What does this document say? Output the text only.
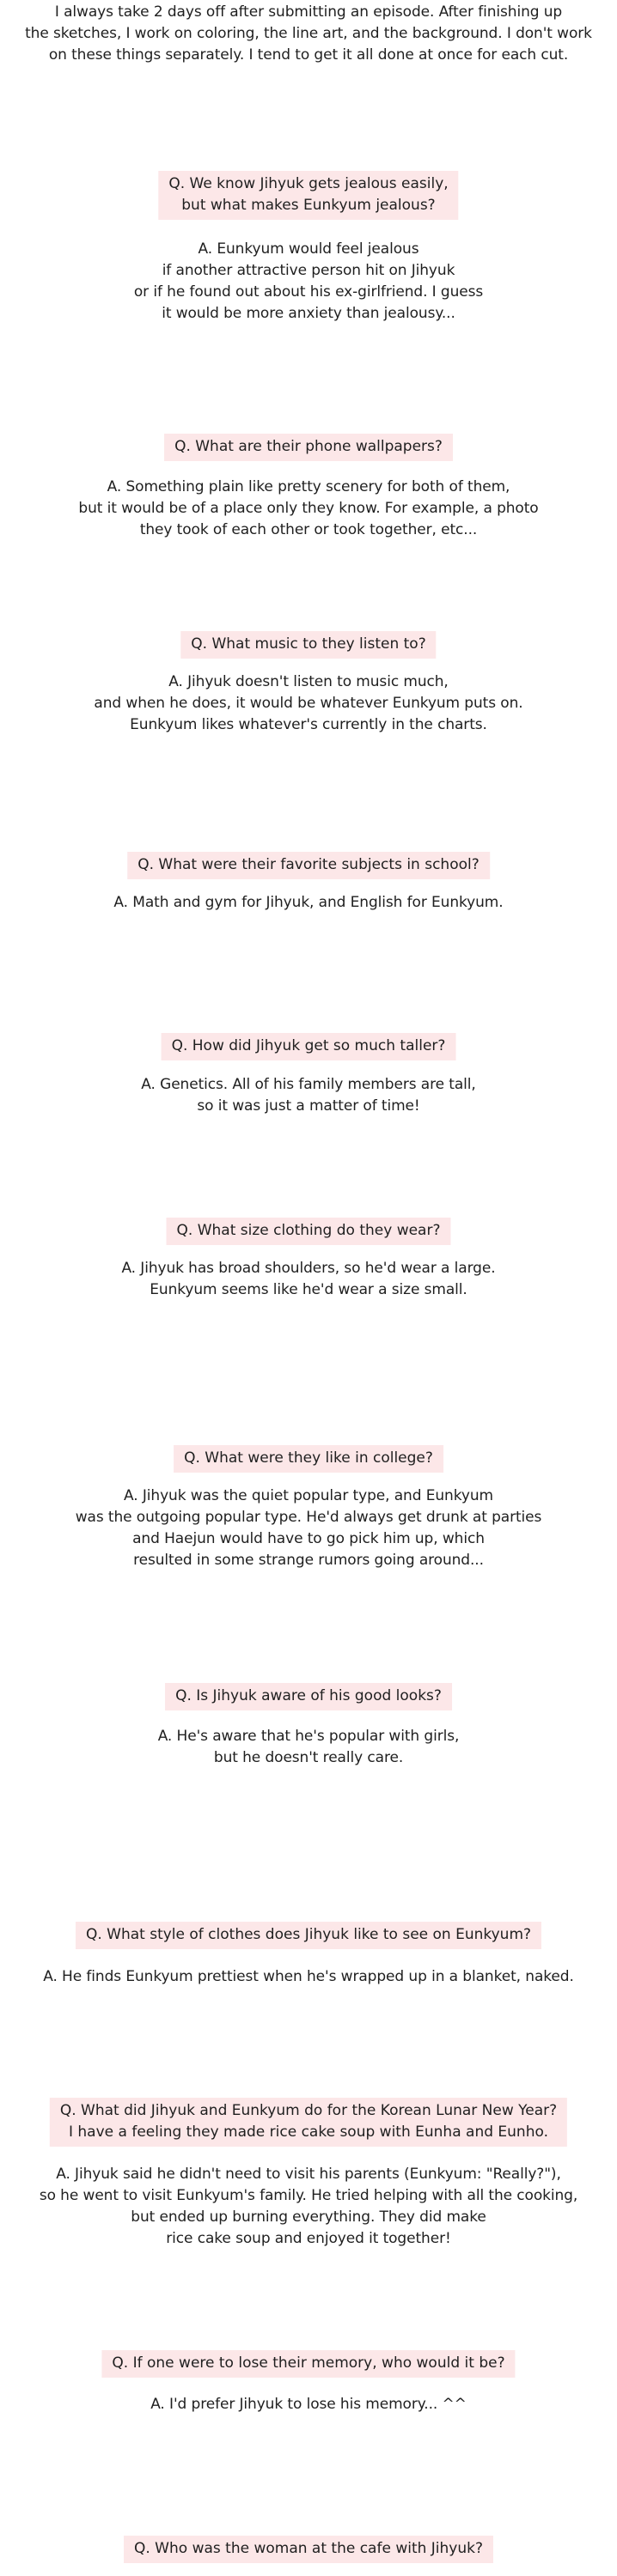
I always take 2 days off after submitting an episode. After finishing up
the sketches, I work on coloring, the line art, and the background. I don't work
on these things separately. I tend to get it all done at once for each cut.
Q. We know Jihyuk gets jealous easily,
but what makes Eunkyum jealous?
A. Eunkyum would feel jealous
if another attractive person hit on Jihyuk
or if he found out about his ex-girlfriend. I guess
it would be more anxiety than jealousy...
Q. What are their phone wallpapers?
A. Something plain like pretty scenery for both of them,
but it would be of a place only they know. For example, a photo
they took of each other or took together, etc...
Q. What music to they listen to?
A. Jihyuk doesn't listen to music much,
and when he does, it would be whatever Eunkyum puts on.
Eunkyum likes whatever's currently in the charts.
Q. What were their favorite subjects in school?
A. Math and gym for Jihyuk, and English for Eunkyum.
Q. How did Jihyuk get so much taller?
A. Genetics. All of his family members are tall,
so it was just a matter of time!
Q. What size clothing do they wear?
A. Jihyuk has broad shoulders, so he'd wear a large.
Eunkyum seems like he'd wear a size small.
Q. What were they like in college?
A. Jihyuk was the quiet popular type, and Eunkyum
was the outgoing popular type. He'd always get drunk at parties
and Haejun would have to go pick him up, which
resulted in some strange rumors going around...
Q. Is Jihyuk aware of his good looks?
A. He's aware that he's popular with girls,
but he doesn't really care.
Q. What style of clothes does Jihyuk like to see on Eunkyum?
A. He finds Eunkyum prettiest when he's wrapped up in a blanket, naked.
Q. What did Jihyuk and Eunkyum do for the Korean Lunar New Year?
I have a feeling they made rice cake soup with Eunha and Eunho.
A. Jihyuk said he didn't need to visit his parents (Eunkyum: "Really?"),
so he went to visit Eunkyum's family. He tried helping with all the cooking,
but ended up burning everything. They did make
rice cake soup and enjoyed it together!
Q. If one were to lose their memory, who would it be?
A. I'd prefer Jihyuk to lose his memory... ^^
Q. Who was the woman at the cafe with Jihyuk?
